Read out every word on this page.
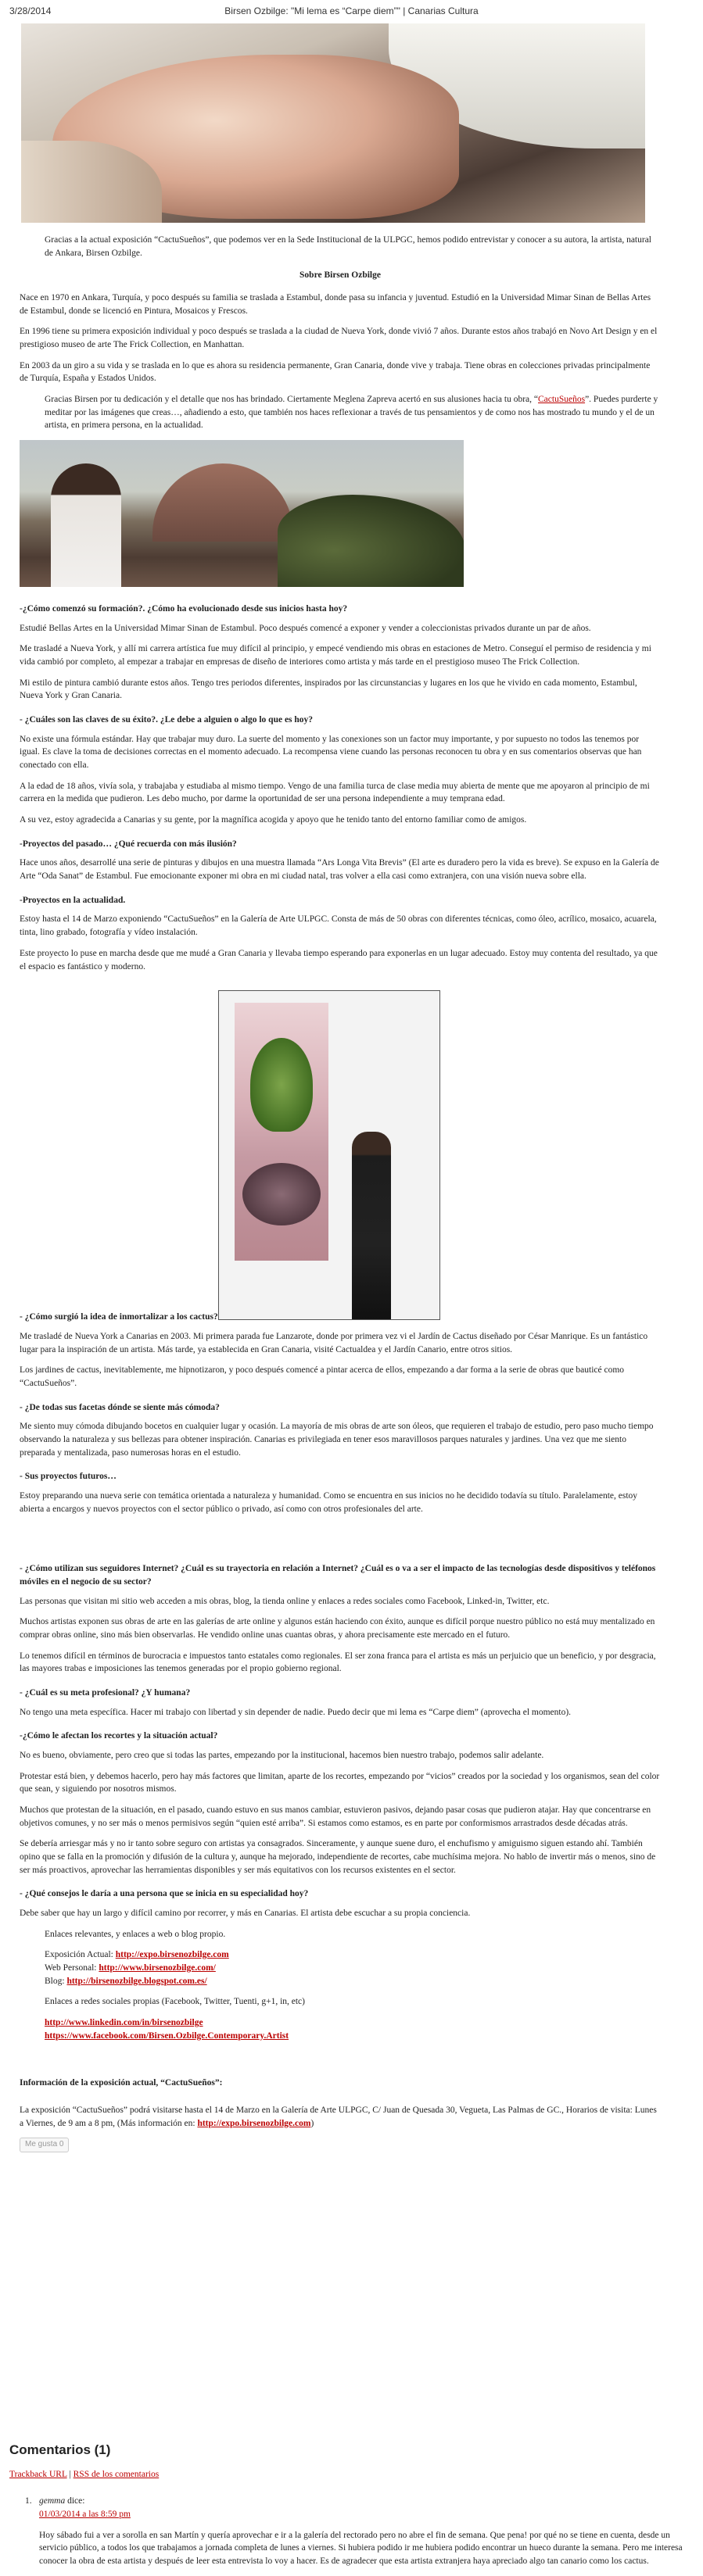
3/28/2014	Birsen Ozbilge: "Mi lema es “Carpe diem”" | Canarias Cultura

Gracias a la actual exposición “CactuSueños”, que podemos ver en la Sede Institucional de la ULPGC, hemos podido entrevistar y conocer a su autora, la artista, natural de Ankara, Birsen Ozbilge.

Sobre Birsen Ozbilge

Nace en 1970 en Ankara, Turquía, y poco después su familia se traslada a Estambul, donde pasa su infancia y juventud. Estudió en la Universidad Mimar Sinan de Bellas Artes de Estambul, donde se licenció en Pintura, Mosaicos y Frescos.

En 1996 tiene su primera exposición individual y poco después se traslada a la ciudad de Nueva York, donde vivió 7 años. Durante estos años trabajó en Novo Art Design y en el prestigioso museo de arte The Frick Collection, en Manhattan.

En 2003 da un giro a su vida y se traslada en lo que es ahora su residencia permanente, Gran Canaria, donde vive y trabaja. Tiene obras en colecciones privadas principalmente de Turquía, España y Estados Unidos.

Gracias Birsen por tu dedicación y el detalle que nos has brindado. Ciertamente Meglena Zapreva acertó en sus alusiones hacia tu obra, “CactuSueños”. Puedes purderte y meditar por las imágenes que creas…, añadiendo a esto, que también nos haces reflexionar a través de tus pensamientos y de como nos has mostrado tu mundo y el de un artista, en primera persona, en la actualidad.

-¿Cómo comenzó su formación?. ¿Cómo ha evolucionado desde sus inicios hasta hoy?

Estudié Bellas Artes en la Universidad Mimar Sinan de Estambul. Poco después comencé a exponer y vender a coleccionistas privados durante un par de años.

Me trasladé a Nueva York, y allí mi carrera artística fue muy difícil al principio, y empecé vendiendo mis obras en estaciones de Metro. Conseguí el permiso de residencia y mi vida cambió por completo, al empezar a trabajar en empresas de diseño de interiores como artista y más tarde en el prestigioso museo The Frick Collection.

Mi estilo de pintura cambió durante estos años. Tengo tres periodos diferentes, inspirados por las circunstancias y lugares en los que he vivido en cada momento, Estambul, Nueva York y Gran Canaria.

- ¿Cuáles son las claves de su éxito?. ¿Le debe a alguien o algo lo que es hoy?

No existe una fórmula estándar. Hay que trabajar muy duro. La suerte del momento y las conexiones son un factor muy importante, y por supuesto no todos las tenemos por igual. Es clave la toma de decisiones correctas en el momento adecuado. La recompensa viene cuando las personas reconocen tu obra y en sus comentarios observas que han conectado con ella.

A la edad de 18 años, vivía sola, y trabajaba y estudiaba al mismo tiempo. Vengo de una familia turca de clase media muy abierta de mente que me apoyaron al principio de mi carrera en la medida que pudieron. Les debo mucho, por darme la oportunidad de ser una persona independiente a muy temprana edad.

A su vez, estoy agradecida a Canarias y su gente, por la magnífica acogida y apoyo que he tenido tanto del entorno familiar como de amigos.

-Proyectos del pasado… ¿Qué recuerda con más ilusión?

Hace unos años, desarrollé una serie de pinturas y dibujos en una muestra llamada “Ars Longa Vita Brevis” (El arte es duradero pero la vida es breve). Se expuso en la Galería de Arte “Oda Sanat” de Estambul. Fue emocionante exponer mi obra en mi ciudad natal, tras volver a ella casi como extranjera, con una visión nueva sobre ella.

-Proyectos en la actualidad.

Estoy hasta el 14 de Marzo exponiendo “CactuSueños” en la Galería de Arte ULPGC. Consta de más de 50 obras con diferentes técnicas, como óleo, acrílico, mosaico, acuarela, tinta, lino grabado, fotografía y vídeo instalación.

Este proyecto lo puse en marcha desde que me mudé a Gran Canaria y llevaba tiempo esperando para exponerlas en un lugar adecuado. Estoy muy contenta del resultado, ya que el espacio es fantástico y moderno.

- ¿Cómo surgió la idea de inmortalizar a los cactus?

Me trasladé de Nueva York a Canarias en 2003. Mi primera parada fue Lanzarote, donde por primera vez vi el Jardín de Cactus diseñado por César Manrique. Es un fantástico lugar para la inspiración de un artista. Más tarde, ya establecida en Gran Canaria, visité Cactualdea y el Jardín Canario, entre otros sitios.

Los jardines de cactus, inevitablemente, me hipnotizaron, y poco después comencé a pintar acerca de ellos, empezando a dar forma a la serie de obras que bauticé como “CactuSueños”.

- ¿De todas sus facetas dónde se siente más cómoda?

Me siento muy cómoda dibujando bocetos en cualquier lugar y ocasión. La mayoría de mis obras de arte son óleos, que requieren el trabajo de estudio, pero paso mucho tiempo observando la naturaleza y sus bellezas para obtener inspiración. Canarias es privilegiada en tener esos maravillosos parques naturales y jardines. Una vez que me siento preparada y mentalizada, paso numerosas horas en el estudio.

- Sus proyectos futuros…

Estoy preparando una nueva serie con temática orientada a naturaleza y humanidad. Como se encuentra en sus inicios no he decidido todavía su título. Paralelamente, estoy abierta a encargos y nuevos proyectos con el sector público o privado, así como con otros profesionales del arte.

- ¿Cómo utilizan sus seguidores Internet? ¿Cuál es su trayectoria en relación a Internet? ¿Cuál es o va a ser el impacto de las tecnologías desde dispositivos y teléfonos móviles en el negocio de su sector?

Las personas que visitan mi sitio web acceden a mis obras, blog, la tienda online y enlaces a redes sociales como Facebook, Linked-in, Twitter, etc.

Muchos artistas exponen sus obras de arte en las galerías de arte online y algunos están haciendo con éxito, aunque es difícil porque nuestro público no está muy mentalizado en comprar obras online, sino más bien observarlas. He vendido online unas cuantas obras, y ahora precisamente este mercado en el futuro.

Lo tenemos difícil en términos de burocracia e impuestos tanto estatales como regionales. El ser zona franca para el artista es más un perjuicio que un beneficio, y por desgracia, las mayores trabas e imposiciones las tenemos generadas por el propio gobierno regional.

- ¿Cuál es su meta profesional? ¿Y humana?

No tengo una meta específica. Hacer mi trabajo con libertad y sin depender de nadie. Puedo decir que mi lema es “Carpe diem” (aprovecha el momento).

-¿Cómo le afectan los recortes y la situación actual?

No es bueno, obviamente, pero creo que si todas las partes, empezando por la institucional, hacemos bien nuestro trabajo, podemos salir adelante.

Protestar está bien, y debemos hacerlo, pero hay más factores que limitan, aparte de los recortes, empezando por “vicios” creados por la sociedad y los organismos, sean del color que sean, y siguiendo por nosotros mismos.

Muchos que protestan de la situación, en el pasado, cuando estuvo en sus manos cambiar, estuvieron pasivos, dejando pasar cosas que pudieron atajar. Hay que concentrarse en objetivos comunes, y no ser más o menos permisivos según “quien esté arriba”. Si estamos como estamos, es en parte por conformismos arrastrados desde décadas atrás.

Se debería arriesgar más y no ir tanto sobre seguro con artistas ya consagrados. Sinceramente, y aunque suene duro, el enchufismo y amiguismo siguen estando ahí. También opino que se falla en la promoción y difusión de la cultura y, aunque ha mejorado, independiente de recortes, cabe muchísima mejora. No hablo de invertir más o menos, sino de ser más proactivos, aprovechar las herramientas disponibles y ser más equitativos con los recursos existentes en el sector.

- ¿Qué consejos le daría a una persona que se inicia en su especialidad hoy?

Debe saber que hay un largo y difícil camino por recorrer, y más en Canarias. El artista debe escuchar a su propia conciencia.

Enlaces relevantes, y enlaces a web o blog propio.

Exposición Actual: http://expo.birsenozbilge.com

Web Personal: http://www.birsenozbilge.com/

Blog: http://birsenozbilge.blogspot.com.es/

Enlaces a redes sociales propias (Facebook, Twitter, Tuenti, g+1, in, etc)

http://www.linkedin.com/in/birsenozbilge

https://www.facebook.com/Birsen.Ozbilge.Contemporary.Artist

Información de la exposición actual, “CactuSueños”:

La exposición “CactuSueños” podrá visitarse hasta el 14 de Marzo en la Galería de Arte ULPGC, C/ Juan de Quesada 30, Vegueta, Las Palmas de GC., Horarios de visita: Lunes a Viernes, de 9 am a 8 pm, (Más información en: http://expo.birsenozbilge.com)

Me gusta 0

Comentarios (1)

Trackback URL | RSS de los comentarios

1. gemma dice:
01/03/2014 a las 8:59 pm

Hoy sábado fui a ver a sorolla en san Martín y quería aprovechar e ir a la galería del rectorado pero no abre el fin de semana. Que pena! por qué no se tiene en cuenta, desde un servicio público, a todos los que trabajamos a jornada completa de lunes a viernes. Si hubiera podido ir me hubiera podido encontrar un hueco durante la semana. Pero me interesa conocer la obra de esta artista y después de leer esta entrevista lo voy a hacer. Es de agradecer que esta artista extranjera haya apreciado algo tan canario como los cactus.
